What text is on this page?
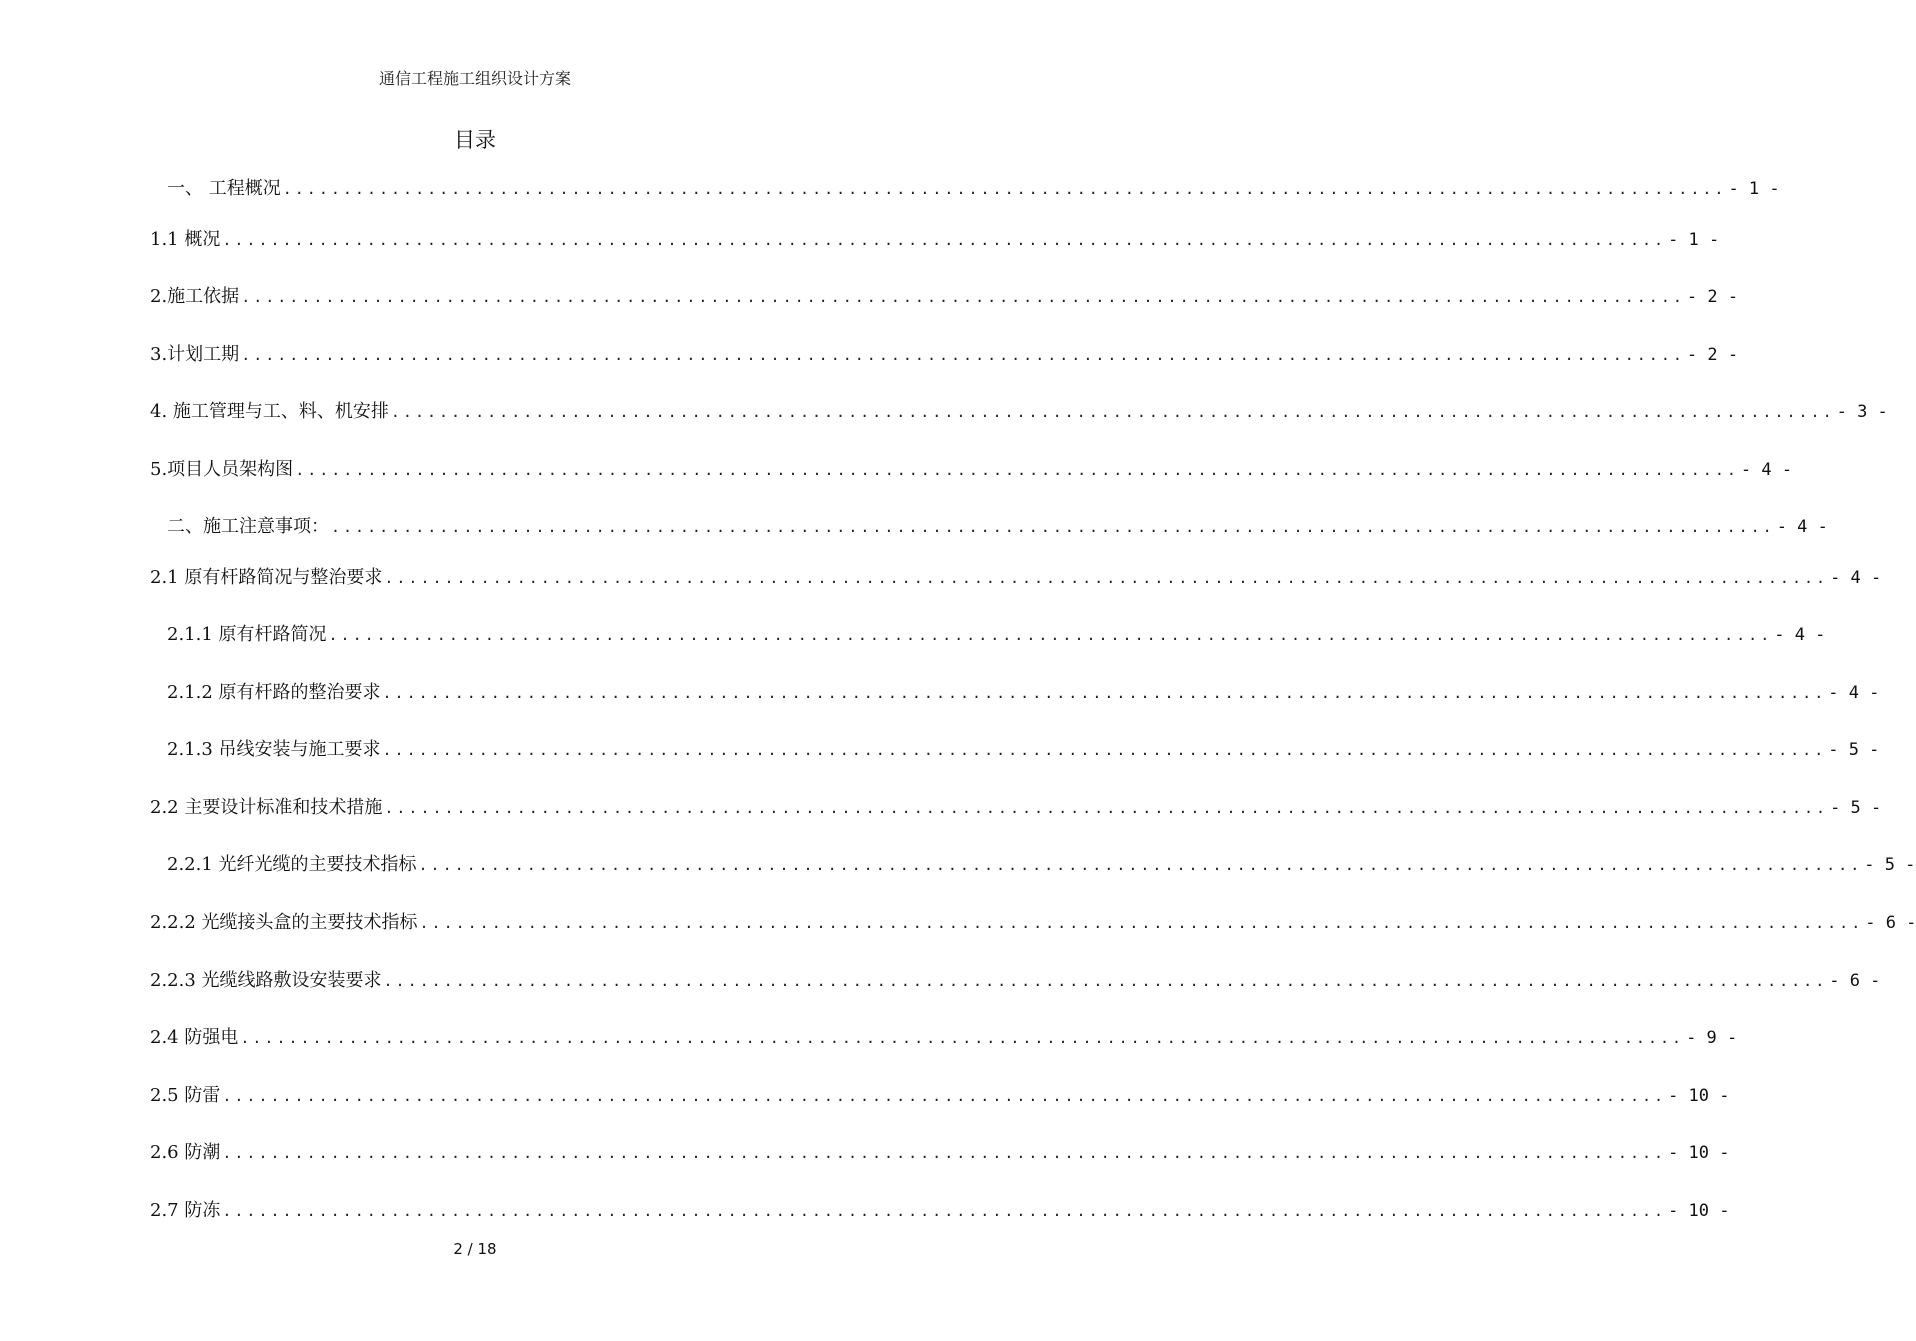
通信工程施工组织设计方案
目录
一、 工程概况 ........................................................................................................................ - 1 -
1.1 概况 ........................................................................................................................ - 1 -
2.施工依据 ........................................................................................................................ - 2 -
3.计划工期 ........................................................................................................................ - 2 -
4. 施工管理与工、料、机安排 ........................................................................................................................ - 3 -
5.项目人员架构图 ........................................................................................................................ - 4 -
二、施工注意事项： ........................................................................................................................ - 4 -
2.1 原有杆路简况与整治要求 ........................................................................................................................ - 4 -
2.1.1 原有杆路简况 ........................................................................................................................ - 4 -
2.1.2 原有杆路的整治要求 ........................................................................................................................ - 4 -
2.1.3 吊线安装与施工要求 ........................................................................................................................ - 5 -
2.2 主要设计标准和技术措施 ........................................................................................................................ - 5 -
2.2.1 光纤光缆的主要技术指标 ........................................................................................................................ - 5 -
2.2.2 光缆接头盒的主要技术指标 ........................................................................................................................ - 6 -
2.2.3 光缆线路敷设安装要求 ........................................................................................................................ - 6 -
2.4 防强电 ........................................................................................................................ - 9 -
2.5 防雷 ........................................................................................................................ - 10 -
2.6 防潮 ........................................................................................................................ - 10 -
2.7 防冻 ........................................................................................................................ - 10 -
2 / 18
